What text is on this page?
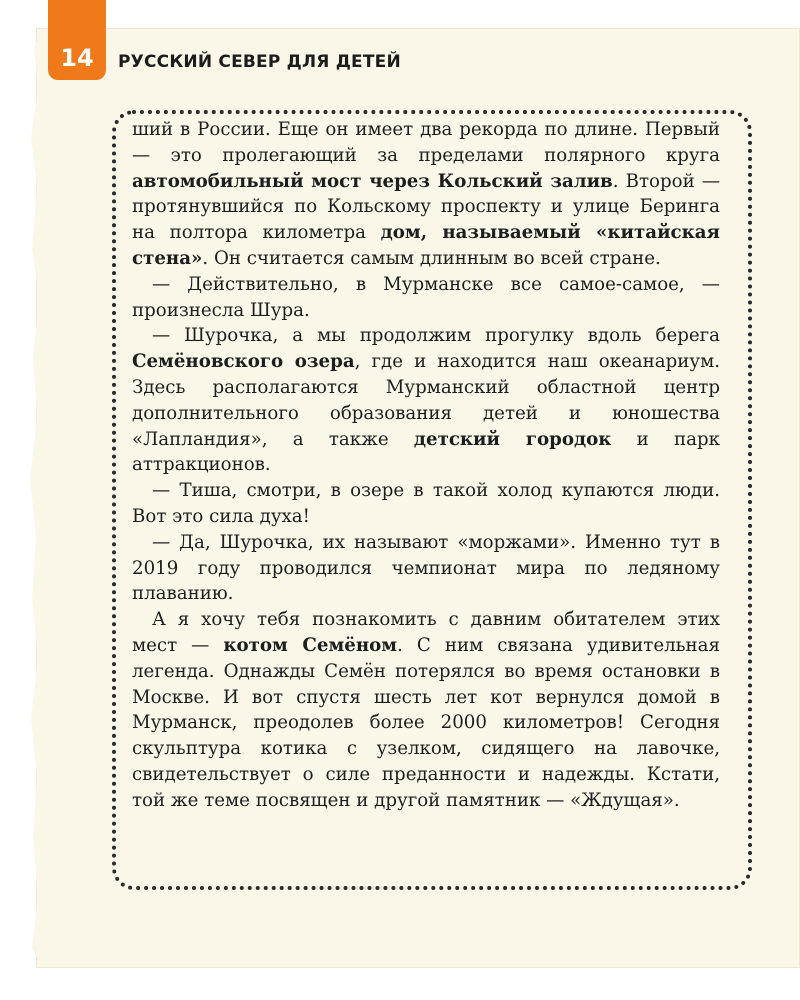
14	РУССКИЙ СЕВЕР ДЛЯ ДЕТЕЙ

ший в России. Еще он имеет два рекорда по длине. Первый — это пролегающий за пределами полярного круга автомобильный мост через Кольский залив. Второй — протянувшийся по Кольскому проспекту и улице Беринга на полтора километра дом, называемый «китайская стена». Он считается самым длинным во всей стране.

— Действительно, в Мурманске все самое-самое, — произнесла Шура.

— Шурочка, а мы продолжим прогулку вдоль берега Семёновского озера, где и находится наш океанариум. Здесь располагаются Мурманский областной центр дополнительного образования детей и юношества «Лапландия», а также детский городок и парк аттракционов.

— Тиша, смотри, в озере в такой холод купаются люди. Вот это сила духа!

— Да, Шурочка, их называют «моржами». Именно тут в 2019 году проводился чемпионат мира по ледяному плаванию.

А я хочу тебя познакомить с давним обитателем этих мест — котом Семёном. С ним связана удивительная легенда. Однажды Семён потерялся во время остановки в Москве. И вот спустя шесть лет кот вернулся домой в Мурманск, преодолев более 2000 километров! Сегодня скульптура котика с узелком, сидящего на лавочке, свидетельствует о силе преданности и надежды. Кстати, той же теме посвящен и другой памятник — «Ждущая».
